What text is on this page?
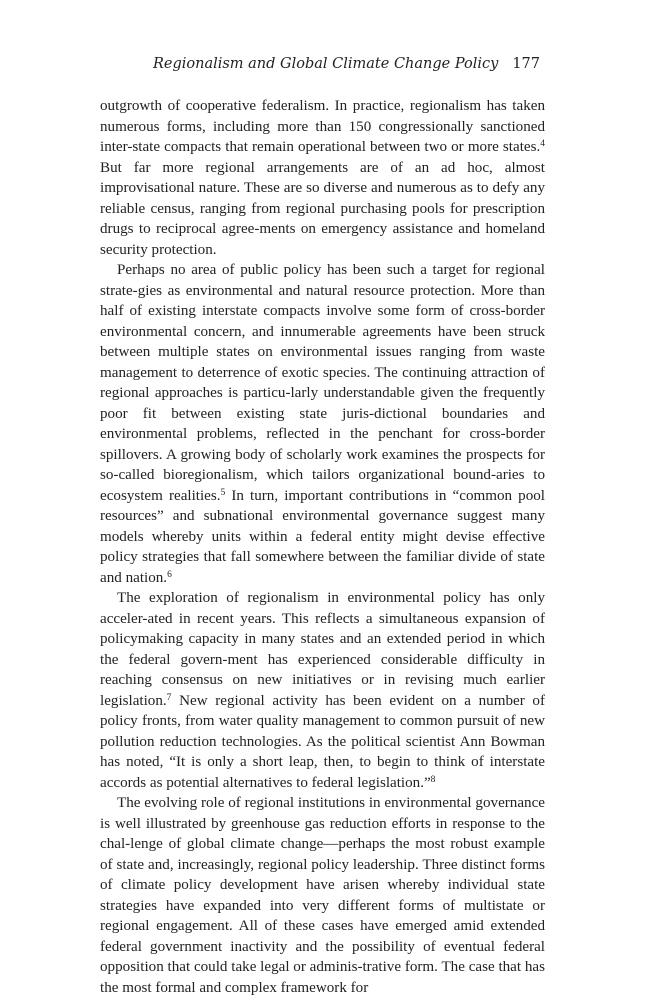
Regionalism and Global Climate Change Policy 177

outgrowth of cooperative federalism. In practice, regionalism has taken numerous forms, including more than 150 congressionally sanctioned inter-state compacts that remain operational between two or more states.$^4$ But far more regional arrangements are of an ad hoc, almost improvisational nature. These are so diverse and numerous as to defy any reliable census, ranging from regional purchasing pools for prescription drugs to reciprocal agree-ments on emergency assistance and homeland security protection.

Perhaps no area of public policy has been such a target for regional strate-gies as environmental and natural resource protection. More than half of existing interstate compacts involve some form of cross-border environmental concern, and innumerable agreements have been struck between multiple states on environmental issues ranging from waste management to deterrence of exotic species. The continuing attraction of regional approaches is particu-larly understandable given the frequently poor fit between existing state juris-dictional boundaries and environmental problems, reflected in the penchant for cross-border spillovers. A growing body of scholarly work examines the prospects for so-called bioregionalism, which tailors organizational bound-aries to ecosystem realities.$^5$ In turn, important contributions in “common pool resources” and subnational environmental governance suggest many models whereby units within a federal entity might devise effective policy strategies that fall somewhere between the familiar divide of state and nation.$^6$

The exploration of regionalism in environmental policy has only acceler-ated in recent years. This reflects a simultaneous expansion of policymaking capacity in many states and an extended period in which the federal govern-ment has experienced considerable difficulty in reaching consensus on new initiatives or in revising much earlier legislation.$^7$ New regional activity has been evident on a number of policy fronts, from water quality management to common pursuit of new pollution reduction technologies. As the political scientist Ann Bowman has noted, “It is only a short leap, then, to begin to think of interstate accords as potential alternatives to federal legislation.”$^8$

The evolving role of regional institutions in environmental governance is well illustrated by greenhouse gas reduction efforts in response to the chal-lenge of global climate change—perhaps the most robust example of state and, increasingly, regional policy leadership. Three distinct forms of climate policy development have arisen whereby individual state strategies have expanded into very different forms of multistate or regional engagement. All of these cases have emerged amid extended federal government inactivity and the possibility of eventual federal opposition that could take legal or adminis-trative form. The case that has the most formal and complex framework for
